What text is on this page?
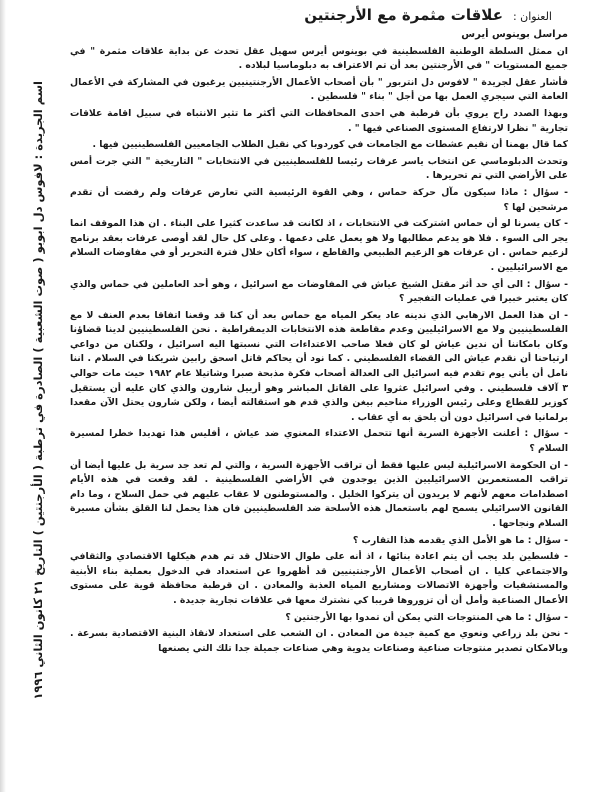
اسم الجريدة : لافوس دل ابوبو ( صوت الشعبية ) الصادرة في ترطبة ( الأرجنتين ) التاريخ ٢١ كانون الثاني ١٩٩٦
العنوان :
علاقات مثمرة مع الأرجنتين

مراسل بوينوس أيرس

ان ممثل السلطة الوطنية الفلسطينية في بوينوس أيرس سهيل عقل تحدث عن بداية علاقات مثمرة " في جميع المستويات " في الأرجنتين بعد أن تم الاعتراف به دبلوماسيا لبلاده .

فأشار عقل لجريدة " لافوس دل انتربور " بأن أصحاب الأعمال الأرجنتينيين يرغبون في المشاركة في الأعمال العامة التي سيجري العمل بها من أجل " بناء " فلسطين .

وبهذا الصدد راح يروي بأن قرطبة هي احدى المحافظات التي أكثر ما تثير الانتباه في سبيل اقامة علاقات تجارية " نظرا لارتفاع المستوى الصناعي فيها " .

كما قال بهمنا أن نقيم عشطات مع الجامعات في كوردوبا كي نقبل الطلاب الجامعيين الفلسطينيين فيها .

وتحدث الدبلوماسي عن انتخاب ياسر عرفات رئيسا للفلسطينيين في الانتخابات " التاريخية " التي جرت أمس على الأراضي التي تم تحريرها .

- سؤال : ماذا سيكون مآل حركة حماس ، وهي القوة الرئيسية التي تعارض عرفات ولم رفضت أن تقدم مرشحين لها ؟

- كان يسرنا لو أن حماس اشتركت في الانتخابات ، اذ لكانت قد ساعدت كثيرا على البناء . ان هذا الموقف انما يجر الى السوء . فلا هو يدعم مطالبها ولا هو يعمل على دعمها . وعلى كل حال لقد أوصى عرفات بعقد برنامج لزعيم حماس . ان عرفات هو الزعيم الطبيعي والقاطع ، سواء أكان خلال فترة التحرير أو في مفاوضات السلام مع الاسرائيليين .

- سؤال : الى أي حد أثر مقتل الشيخ عياش في المفاوضات مع اسرائيل ، وهو أحد العاملين في حماس والذي كان يعتبر خبيرا في عمليات التفجير ؟

- ان هذا العمل الارهابي الذي ندينه عاد يعكر المياه مع حماس بعد أن كنا قد وقعنا اتفاقا بعدم العنف لا مع الفلسطينيين ولا مع الاسرائيليين وعدم مقاطعة هذه الانتخابات الديمقراطية . نحن الفلسطينيين لدينا قضاؤنا وكان بامكاننا أن ندين عياش لو كان فعلا صاحب الاعتداءات التي نسبتها اليه اسرائيل ، ولكنان من دواعي ارتياحنا أن نقدم عياش الى القضاء الفلسطيني . كما نود أن يحاكم قاتل اسحق رابين شريكنا في السلام . اننا نامل أن يأتي يوم تقدم فيه اسرائيل الى العدالة أصحاب فكرة مذبحة صبرا وشاتيلا عام ١٩٨٢ حيث مات حوالي ٣ آلاف فلسطيني . وفي اسرائيل عثروا على القاتل المباشر وهو أرييل شارون والذي كان عليه أن يستقيل كوزير للقطاع وعلى رئيس الوزراء مناحيم بيغن والذي قدم هو استقالته أيضا ، ولكن شارون يحتل الآن مقعدا برلمانيا في اسرائيل دون أن يلحق به أي عقاب .

- سؤال : أعلنت الأجهزة السرية أنها تتحمل الاعتداء المعنوي ضد عياش ، أفليس هذا تهديدا خطرا لمسيرة السلام ؟

- ان الحكومة الاسرائيلية ليس عليها فقط أن تراقب الأجهزة السرية ، والتي لم تعد جد سرية بل عليها أيضا أن تراقب المستعمرين الاسرائيليين الذين يوجدون في الأراضي الفلسطينية . لقد وقعت في هذه الأيام اصطدامات معهم لأنهم لا يريدون أن يتركوا الخليل . والمستوطنون لا عقاب عليهم في حمل السلاح ، وما دام القانون الاسرائيلي يسمح لهم باستعمال هذه الأسلحة ضد الفلسطينيين فان هذا يحمل لنا القلق بشأن مسيرة السلام ونجاحها .

- سؤال : ما هو الأمل الذي يقدمه هذا التقارب ؟

- فلسطين بلد يجب أن يتم اعادة بنائها ، اذ أنه على طوال الاحتلال قد تم هدم هيكلها الاقتصادي والثقافي والاجتماعي كليا . ان أصحاب الأعمال الأرجنتينيين قد أظهروا عن استعداد في الدخول بعملية بناء الأبنية والمستشفيات وأجهزة الاتصالات ومشاريع المياه العذبة والمعادن . ان قرطبة محافظة قوية على مستوى الأعمال الصناعية وأمل أن أن تزوروها قريبا كي نشترك معها في علاقات تجارية جديدة .

- سؤال : ما هي المنتوجات التي يمكن أن تمدوا بها الأرجنتين ؟

- نحن بلد زراعي ونعوي مع كمية جيدة من المعادن . ان الشعب على استعداد لانقاذ البنية الاقتصادية بسرعة . وبالامكان تصدير منتوجات صناعية وصناعات يدوية وهي صناعات جميلة جدا تلك التي يصنعها
